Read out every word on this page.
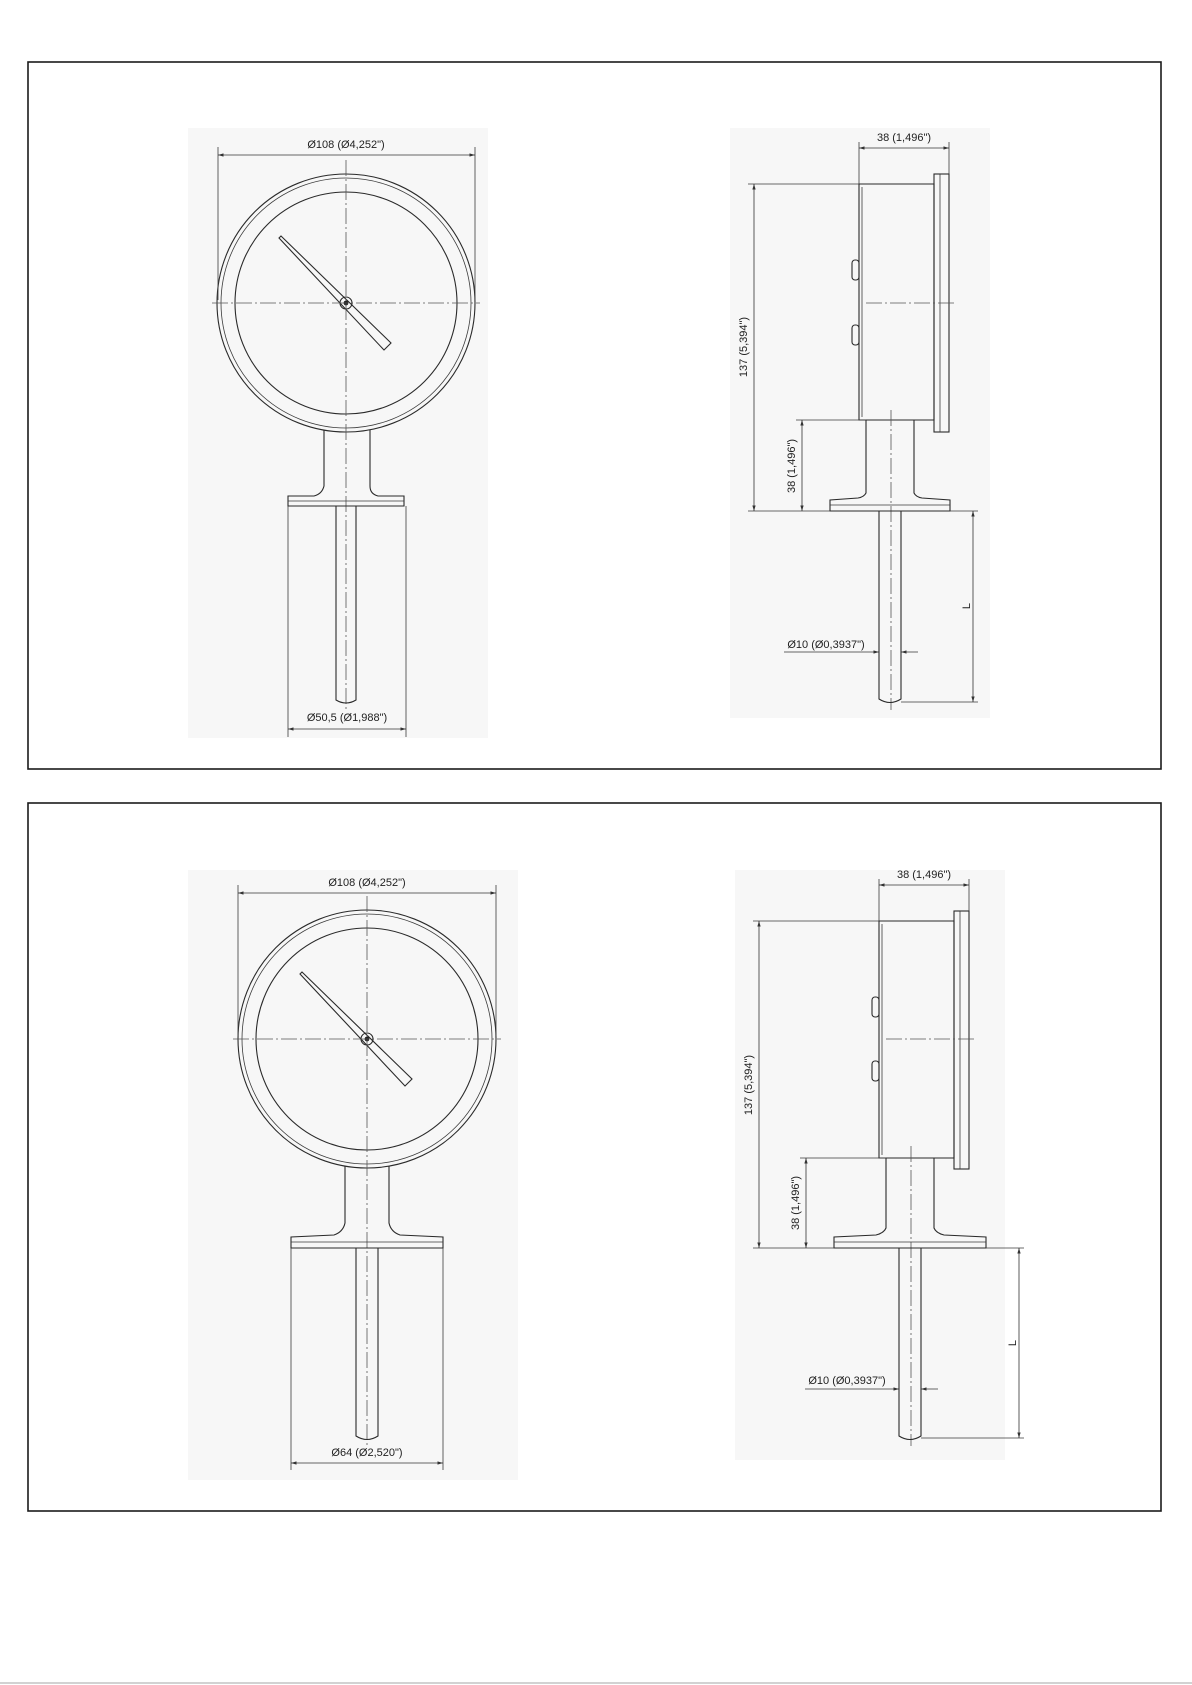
Ø108 (Ø4,252")
Ø50,5 (Ø1,988")
38 (1,496")
137 (5,394")
38 (1,496")
L
Ø10 (Ø0,3937")
Ø108 (Ø4,252")
Ø64 (Ø2,520")
38 (1,496")
137 (5,394")
38 (1,496")
L
Ø10 (Ø0,3937")
